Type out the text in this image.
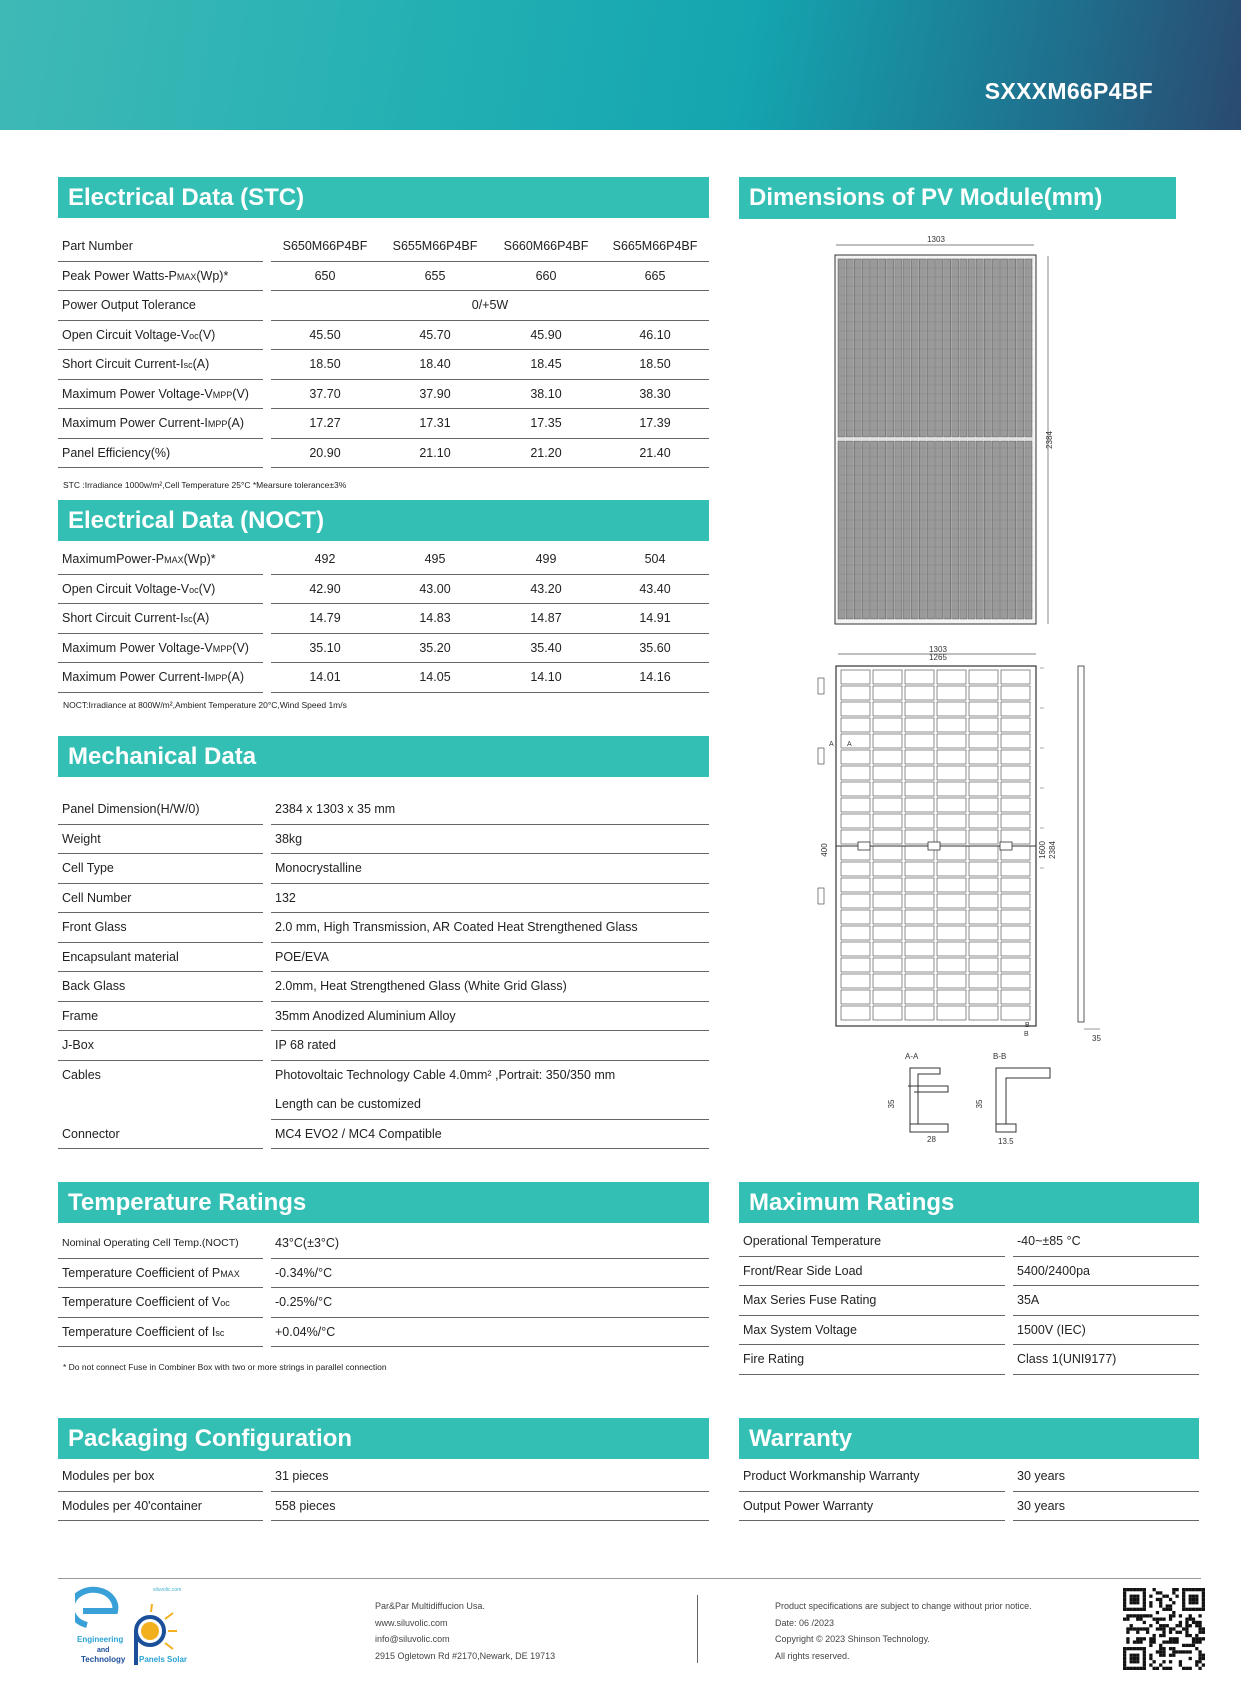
SXXXM66P4BF
Electrical Data (STC)
Part Number		S650M66P4BF	S655M66P4BF	S660M66P4BF	S665M66P4BF
Peak Power Watts-PMAX(Wp)*		650	655	660	665
Power Output Tolerance		0/+5W			
Open Circuit Voltage-Voc(V)		45.50	45.70	45.90	46.10
Short Circuit Current-Isc(A)		18.50	18.40	18.45	18.50
Maximum Power Voltage-VMPP(V)		37.70	37.90	38.10	38.30
Maximum Power Current-IMPP(A)		17.27	17.31	17.35	17.39
Panel Efficiency(%)		20.90	21.10	21.20	21.40
STC :Irradiance 1000w/m²,Cell Temperature 25°C *Mearsure tolerance±3%
Electrical Data (NOCT)
MaximumPower-PMAX(Wp)*		492	495	499	504
Open Circuit Voltage-Voc(V)		42.90	43.00	43.20	43.40
Short Circuit Current-Isc(A)		14.79	14.83	14.87	14.91
Maximum Power Voltage-VMPP(V)		35.10	35.20	35.40	35.60
Maximum Power Current-IMPP(A)		14.01	14.05	14.10	14.16
NOCT:Irradiance at 800W/m²,Ambient Temperature 20°C,Wind Speed 1m/s
Mechanical Data
Panel Dimension(H/W/0)		2384 x 1303 x 35 mm
Weight		38kg
Cell Type		Monocrystalline
Cell Number		132
Front Glass		2.0 mm, High Transmission, AR Coated Heat Strengthened Glass
Encapsulant material		POE/EVA
Back Glass		2.0mm, Heat Strengthened Glass (White Grid Glass)
Frame		35mm Anodized Aluminium Alloy
J-Box		IP 68 rated
Cables		Photovoltaic Technology Cable 4.0mm² ,Portrait: 350/350 mm
		Length can be customized
Connector		MC4 EVO2 / MC4 Compatible
Temperature Ratings
Nominal Operating Cell Temp.(NOCT)		43°C(±3°C)
Temperature Coefficient of PMAX		-0.34%/°C
Temperature Coefficient of Voc		-0.25%/°C
Temperature Coefficient of Isc		+0.04%/°C
* Do not connect Fuse in Combiner Box with two or more strings in parallel connection
Packaging Configuration
Modules per box		31 pieces
Modules per 40'container		558 pieces
Dimensions of PV Module(mm)
1303
2384
1303
1265
1600 2384
400
A A
B
B	35
A-A	B-B
35	35
28	13.5
Maximum Ratings
Operational Temperature		-40~±85 °C
Front/Rear Side Load		5400/2400pa
Max Series Fuse Rating		35A
Max System Voltage		1500V (IEC)
Fire Rating		Class 1(UNI9177)
Warranty
Product Workmanship Warranty		30 years
Output Power Warranty		30 years
siluvolic.com
Engineering
and
Technology Panels Solar
Par&Par Multidiffucion Usa.
www.siluvolic.com
info@siluvolic.com
2915 Ogletown Rd #2170,Newark, DE 19713
Product specifications are subject to change without prior notice.
Date: 06 /2023
Copyright © 2023 Shinson Technology.
All rights reserved.
